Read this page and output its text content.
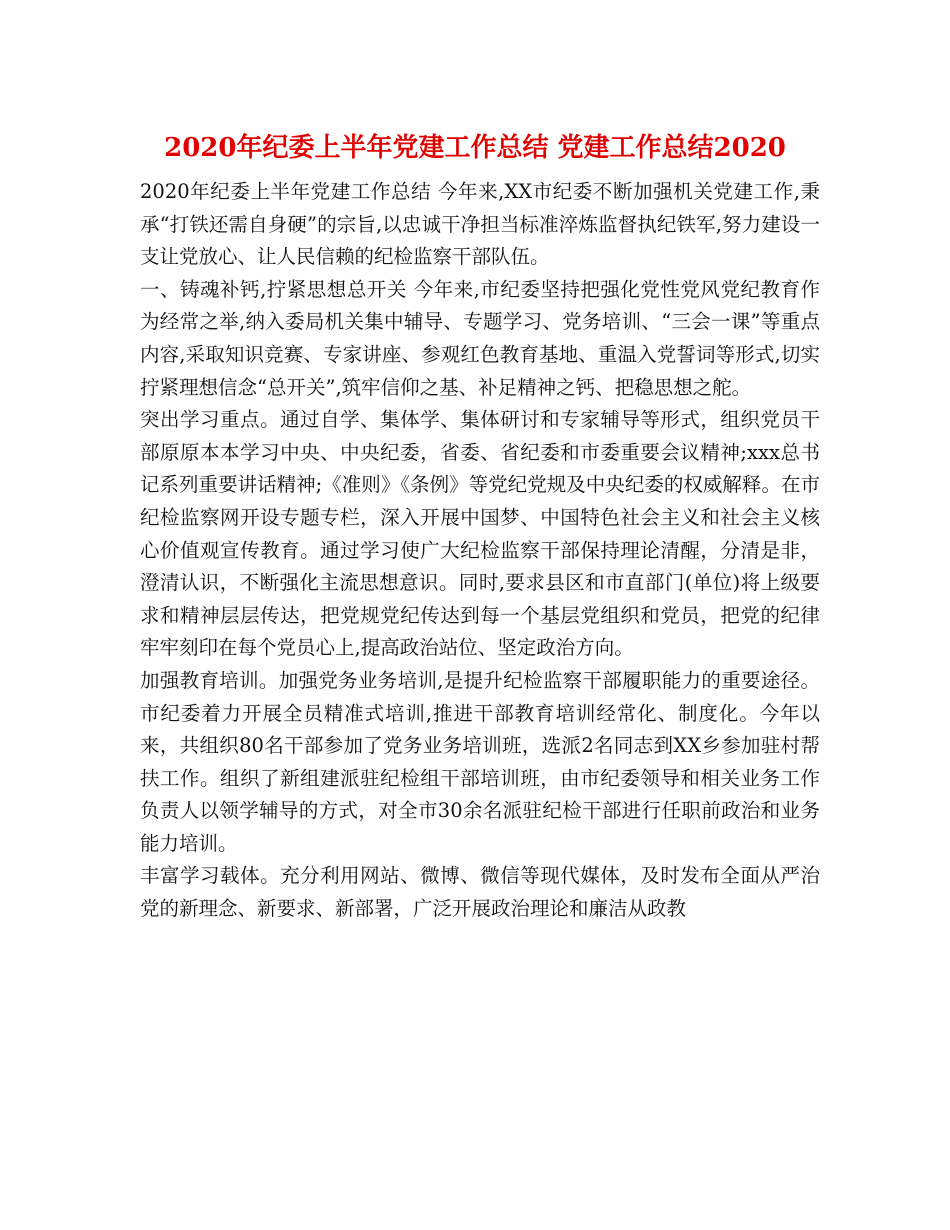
2020年纪委上半年党建工作总结 党建工作总结2020

2020年纪委上半年党建工作总结 今年来,XX市纪委不断加强机关党建工作,秉承“打铁还需自身硬”的宗旨,以忠诚干净担当标准淬炼监督执纪铁军,努力建设一支让党放心、让人民信赖的纪检监察干部队伍。

一、铸魂补钙,拧紧思想总开关 今年来,市纪委坚持把强化党性党风党纪教育作为经常之举,纳入委局机关集中辅导、专题学习、党务培训、“三会一课”等重点内容,采取知识竞赛、专家讲座、参观红色教育基地、重温入党誓词等形式,切实拧紧理想信念“总开关”,筑牢信仰之基、补足精神之钙、把稳思想之舵。

突出学习重点。通过自学、集体学、集体研讨和专家辅导等形式，组织党员干部原原本本学习中央、中央纪委，省委、省纪委和市委重要会议精神;xxx总书记系列重要讲话精神;《准则》《条例》等党纪党规及中央纪委的权威解释。在市纪检监察网开设专题专栏，深入开展中国梦、中国特色社会主义和社会主义核心价值观宣传教育。通过学习使广大纪检监察干部保持理论清醒，分清是非，澄清认识，不断强化主流思想意识。同时,要求县区和市直部门(单位)将上级要求和精神层层传达，把党规党纪传达到每一个基层党组织和党员，把党的纪律牢牢刻印在每个党员心上,提高政治站位、坚定政治方向。

加强教育培训。加强党务业务培训,是提升纪检监察干部履职能力的重要途径。市纪委着力开展全员精准式培训,推进干部教育培训经常化、制度化。今年以来，共组织80名干部参加了党务业务培训班，选派2名同志到XX乡参加驻村帮扶工作。组织了新组建派驻纪检组干部培训班，由市纪委领导和相关业务工作负责人以领学辅导的方式，对全市30余名派驻纪检干部进行任职前政治和业务能力培训。

丰富学习载体。充分利用网站、微博、微信等现代媒体，及时发布全面从严治党的新理念、新要求、新部署，广泛开展政治理论和廉洁从政教
